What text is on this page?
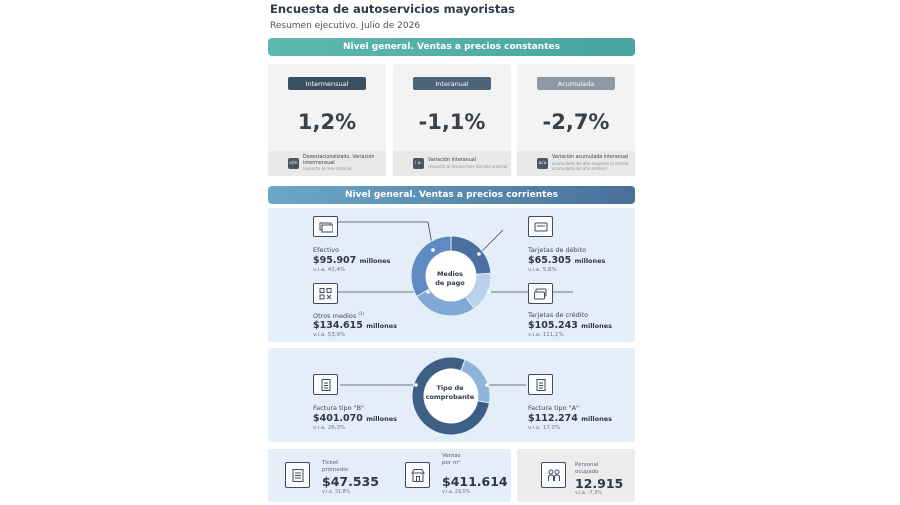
Encuesta de autoservicios mayoristas
Resumen ejecutivo. Julio de 2026
Nivel general. Ventas a precios constantes
Intermensual
1,2%
s/m
Desestacionalizado. Variación intermensual
respecto al mes anterior
Interanual
-1,1%
i.a.
Variación interanual
respecto al mismo mes del año anterior
Acumulada
-2,7%
acu
Variación acumulada interanual
acumulado del año respecto al mismo acumulado del año anterior
Nivel general. Ventas a precios corrientes
Medios
de pago
Efectivo
$95.907 millones
v.i.a. 43,4%
Otros medios $^{(1)}$
$134.615 millones
v.i.a. 53,9%
Tarjetas de débito
$65.305 millones
v.i.a. 5,8%
Tarjetas de crédito
$105.243 millones
v.i.a. 111,1%
Tipo de
comprobante
Factura tipo "B"
$401.070 millones
v.i.a. 26,3%
Factura tipo "A"
$112.274 millones
v.i.a. 17,0%
Ticket
promedio
$47.535
v.i.a. 31,8%
Ventas
por m²
$411.614
v.i.a. 29,5%
Personal
ocupado
12.915
v.i.a. -7,3%
